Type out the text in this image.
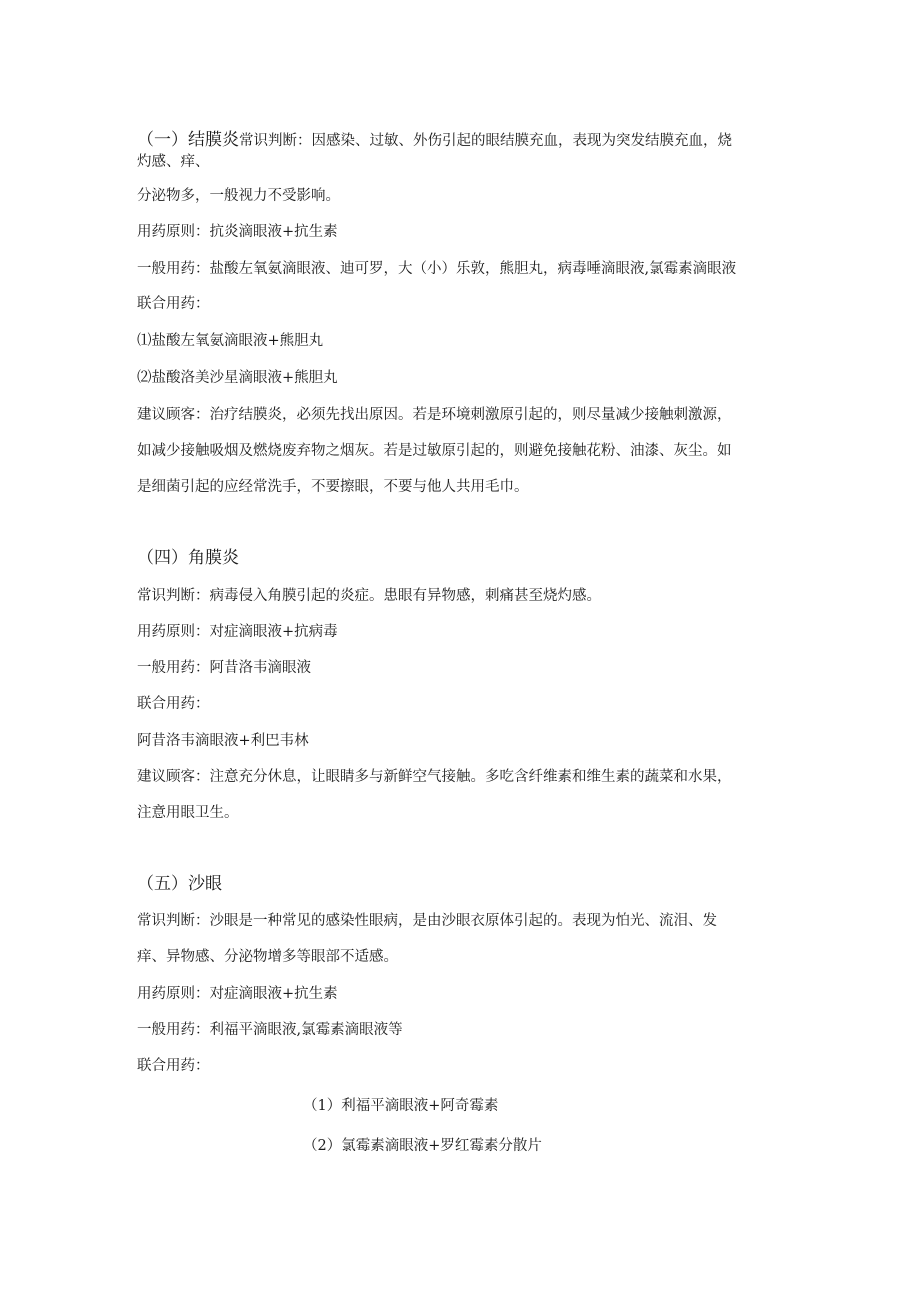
（一）结膜炎常识判断：因感染、过敏、外伤引起的眼结膜充血，表现为突发结膜充血，烧

灼感、痒、

分泌物多，一般视力不受影响。

用药原则：抗炎滴眼液+抗生素

一般用药：盐酸左氧氨滴眼液、迪可罗，大（小）乐敦，熊胆丸，病毒唾滴眼液,氯霉素滴眼液

联合用药：

⑴盐酸左氧氨滴眼液+熊胆丸

⑵盐酸洛美沙星滴眼液+熊胆丸

建议顾客：治疗结膜炎，必须先找出原因。若是环境刺激原引起的，则尽量减少接触刺激源，

如减少接触吸烟及燃烧废弃物之烟灰。若是过敏原引起的，则避免接触花粉、油漆、灰尘。如

是细菌引起的应经常洗手，不要擦眼，不要与他人共用毛巾。

（四）角膜炎

常识判断：病毒侵入角膜引起的炎症。患眼有异物感，刺痛甚至烧灼感。

用药原则：对症滴眼液+抗病毒

一般用药：阿昔洛韦滴眼液

联合用药：

阿昔洛韦滴眼液+利巴韦林

建议顾客：注意充分休息，让眼睛多与新鲜空气接触。多吃含纤维素和维生素的蔬菜和水果，

注意用眼卫生。

（五）沙眼

常识判断：沙眼是一种常见的感染性眼病，是由沙眼衣原体引起的。表现为怕光、流泪、发

痒、异物感、分泌物增多等眼部不适感。

用药原则：对症滴眼液+抗生素

一般用药：利福平滴眼液,氯霉素滴眼液等

联合用药：

（1）利福平滴眼液+阿奇霉素

（2）氯霉素滴眼液+罗红霉素分散片
